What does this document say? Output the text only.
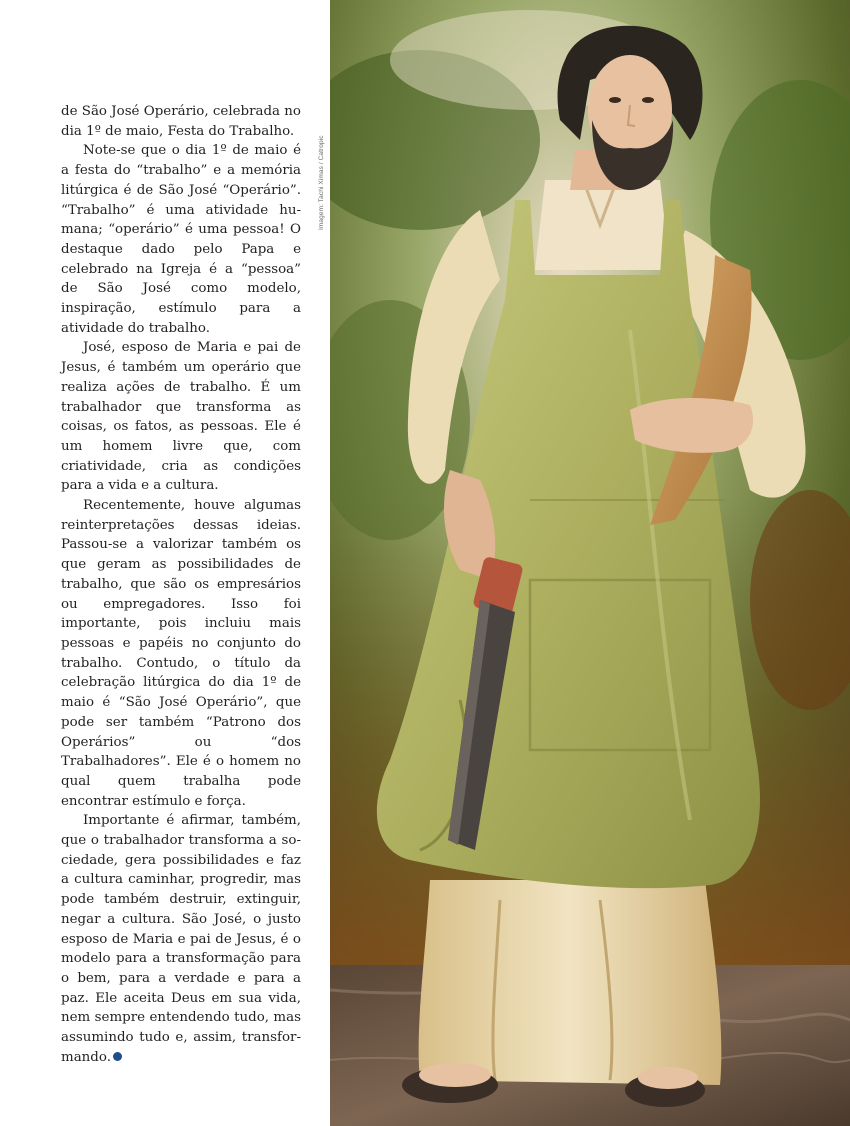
de São José Operário, celebrada no dia 1º de maio, Festa do Trabalho.

Note-se que o dia 1º de maio é a festa do “trabalho” e a memória litúrgica é de São José “Operário”. “Trabalho” é uma atividade humana; “operário” é uma pessoa! O destaque dado pelo Papa e celebrado na Igreja é a “pessoa” de São José como modelo, inspiração, estímulo para a atividade do trabalho.

José, esposo de Maria e pai de Jesus, é também um operário que realiza ações de trabalho. É um trabalhador que transforma as coisas, os fatos, as pessoas. Ele é um homem livre que, com criatividade, cria as condições para a vida e a cultura.

Recentemente, houve algumas reinterpretações dessas ideias. Passou-se a valorizar também os que geram as possibilidades de trabalho, que são os empresários ou empregadores. Isso foi importante, pois incluiu mais pessoas e papéis no conjunto do trabalho. Contudo, o título da celebração litúrgica do dia 1º de maio é “São José Operário”, que pode ser também “Patrono dos Operários” ou “dos Trabalhadores”. Ele é o homem no qual quem trabalha pode encontrar estímulo e força.

Importante é afirmar, também, que o trabalhador transforma a sociedade, gera possibilidades e faz a cultura caminhar, progredir, mas pode também destruir, extinguir, negar a cultura. São José, o justo esposo de Maria e pai de Jesus, é o modelo para a transformação para o bem, para a verdade e para a paz. Ele aceita Deus em sua vida, nem sempre entendendo tudo, mas assumindo tudo e, assim, transformando.

Imagem: Tachi Ximas / Catropic
